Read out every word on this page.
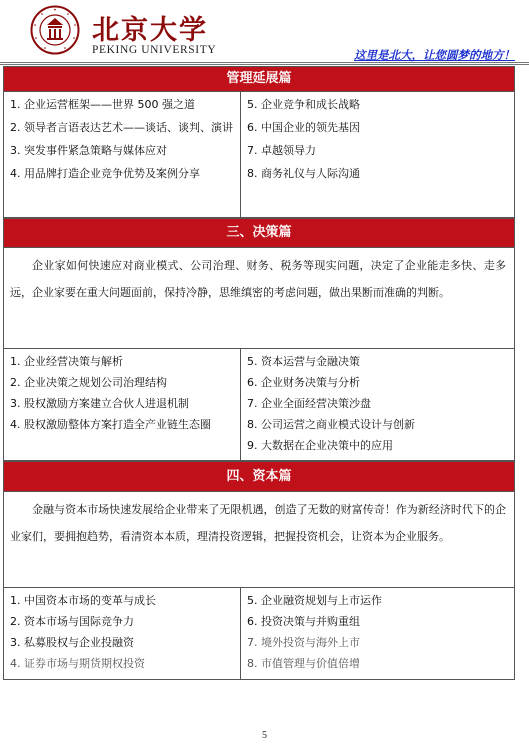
北京大学
PEKING UNIVERSITY	这里是北大，让您圆梦的地方！
管理延展篇
1. 企业运营框架——世界 500 强之道
2. 领导者言语表达艺术——谈话、谈判、演讲
3. 突发事件紧急策略与媒体应对
4. 用品牌打造企业竞争优势及案例分享
5. 企业竞争和成长战略
6. 中国企业的领先基因
7. 卓越领导力
8. 商务礼仪与人际沟通
三、决策篇
企业家如何快速应对商业模式、公司治理、财务、税务等现实问题，决定了企业能走多快、走多远，企业家要在重大问题面前，保持冷静，思维缜密的考虑问题，做出果断而准确的判断。
1. 企业经营决策与解析
2. 企业决策之规划公司治理结构
3. 股权激励方案建立合伙人进退机制
4. 股权激励整体方案打造全产业链生态圈
5. 资本运营与金融决策
6. 企业财务决策与分析
7. 企业全面经营决策沙盘
8. 公司运营之商业模式设计与创新
9. 大数据在企业决策中的应用
四、资本篇
金融与资本市场快速发展给企业带来了无限机遇，创造了无数的财富传奇！作为新经济时代下的企业家们，要拥抱趋势，看清资本本质，理清投资逻辑，把握投资机会，让资本为企业服务。
1. 中国资本市场的变革与成长
2. 资本市场与国际竞争力
3. 私募股权与企业投融资
4. 证券市场与期货期权投资
5. 企业融资规划与上市运作
6. 投资决策与并购重组
7. 境外投资与海外上市
8. 市值管理与价值倍增
5
